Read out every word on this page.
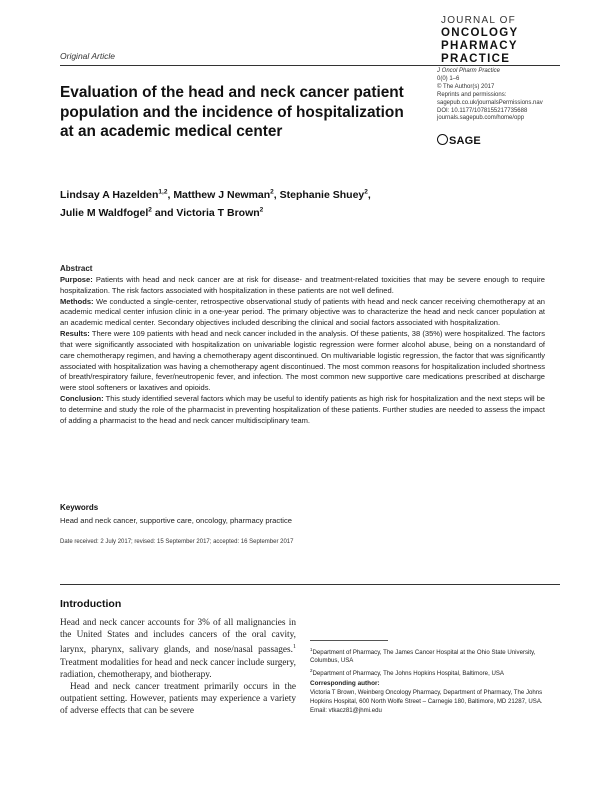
JOURNAL OF
ONCOLOGY
PHARMACY
PRACTICE
Original Article
J Oncol Pharm Practice
0(0) 1–6
© The Author(s) 2017
Reprints and permissions:
sagepub.co.uk/journalsPermissions.nav
DOI: 10.1177/1078155217735688
journals.sagepub.com/home/opp
SAGE
Evaluation of the head and neck cancer patient population and the incidence of hospitalization at an academic medical center
Lindsay A Hazelden$^{1,2}$, Matthew J Newman$^2$, Stephanie Shuey$^2$,
Julie M Waldfogel$^2$ and Victoria T Brown$^2$

Abstract

Purpose: Patients with head and neck cancer are at risk for disease- and treatment-related toxicities that may be severe enough to require hospitalization. The risk factors associated with hospitalization in these patients are not well defined.

Methods: We conducted a single-center, retrospective observational study of patients with head and neck cancer receiving chemotherapy at an academic medical center infusion clinic in a one-year period. The primary objective was to characterize the head and neck cancer population at an academic medical center. Secondary objectives included describing the clinical and social factors associated with hospitalization.

Results: There were 109 patients with head and neck cancer included in the analysis. Of these patients, 38 (35%) were hospitalized. The factors that were significantly associated with hospitalization on univariable logistic regression were former alcohol abuse, being on a nonstandard of care chemotherapy regimen, and having a chemotherapy agent discontinued. On multivariable logistic regression, the factor that was significantly associated with hospitalization was having a chemotherapy agent discontinued. The most common reasons for hospitalization included shortness of breath/respiratory failure, fever/neutropenic fever, and infection. The most common new supportive care medications prescribed at discharge were stool softeners or laxatives and opioids.

Conclusion: This study identified several factors which may be useful to identify patients as high risk for hospitalization and the next steps will be to determine and study the role of the pharmacist in preventing hospitalization of these patients. Further studies are needed to assess the impact of adding a pharmacist to the head and neck cancer multidisciplinary team.

Keywords
Head and neck cancer, supportive care, oncology, pharmacy practice
Date received: 2 July 2017; revised: 15 September 2017; accepted: 16 September 2017
Introduction

Head and neck cancer accounts for 3% of all malignancies in the United States and includes cancers of the oral cavity, larynx, pharynx, salivary glands, and nose/nasal passages.$^1$ Treatment modalities for head and neck cancer include surgery, radiation, chemotherapy, and biotherapy.

Head and neck cancer treatment primarily occurs in the outpatient setting. However, patients may experience a variety of adverse effects that can be severe

$^1$Department of Pharmacy, The James Cancer Hospital at the Ohio State University, Columbus, USA

$^2$Department of Pharmacy, The Johns Hopkins Hospital, Baltimore, USA

Corresponding author:

Victoria T Brown, Weinberg Oncology Pharmacy, Department of Pharmacy, The Johns Hopkins Hospital, 600 North Wolfe Street – Carnegie 180, Baltimore, MD 21287, USA.

Email: vtkacz81@jhmi.edu
